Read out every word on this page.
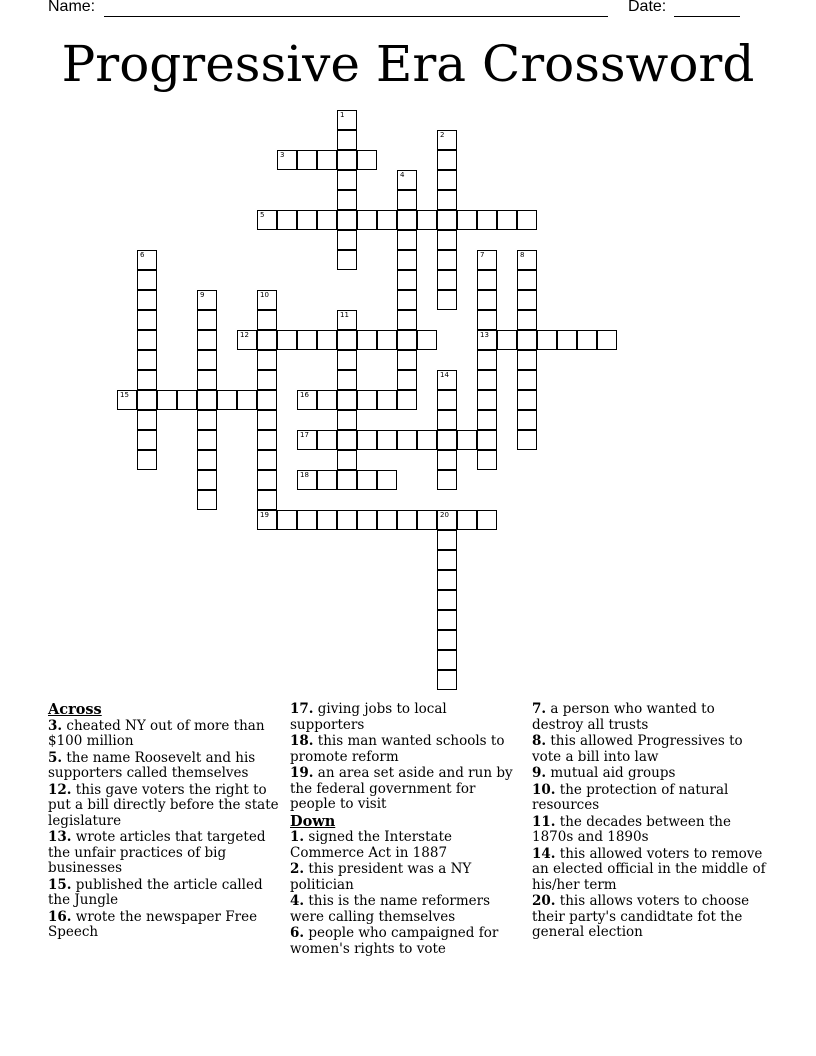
Name:	Date:
Progressive Era Crossword
1
2
3
4
5
6	7
13
8
9	10
19
11
12
14
15	16
17
18
20
Across
3. cheated NY out of more than $100 million
5. the name Roosevelt and his supporters called themselves
12. this gave voters the right to put a bill directly before the state legislature
13. wrote articles that targeted the unfair practices of big businesses
15. published the article called the Jungle
16. wrote the newspaper Free Speech
17. giving jobs to local supporters
18. this man wanted schools to promote reform
19. an area set aside and run by the federal government for people to visit
Down
1. signed the Interstate Commerce Act in 1887
2. this president was a NY politician
4. this is the name reformers were calling themselves
6. people who campaigned for women's rights to vote
7. a person who wanted to destroy all trusts
8. this allowed Progressives to vote a bill into law
9. mutual aid groups
10. the protection of natural resources
11. the decades between the 1870s and 1890s
14. this allowed voters to remove an elected official in the middle of his/her term
20. this allows voters to choose their party's candidtate fot the general election
